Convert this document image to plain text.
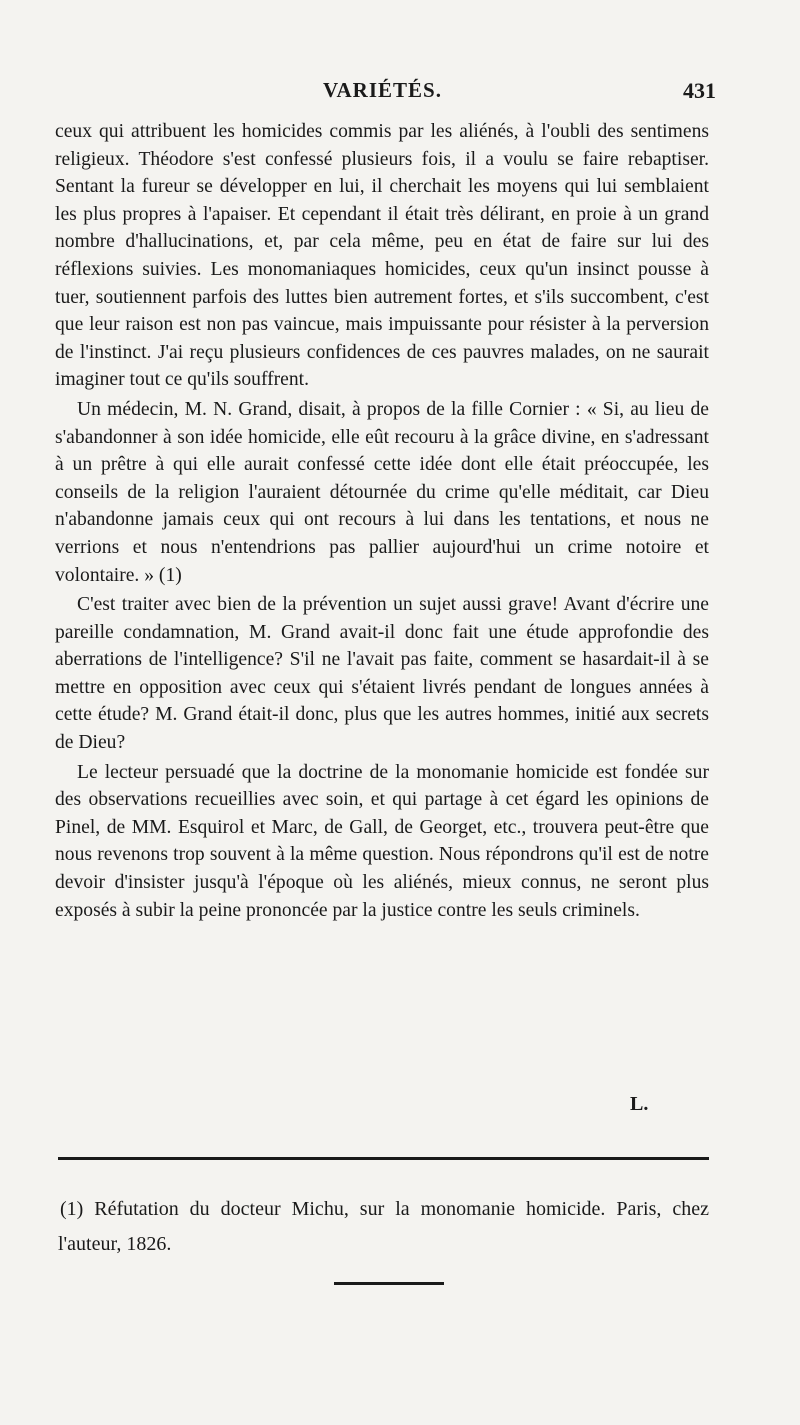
VARIÉTÉS.	431

ceux qui attribuent les homicides commis par les aliénés, à l'oubli des sentimens religieux. Théodore s'est confessé plusieurs fois, il a voulu se faire rebaptiser. Sentant la fureur se développer en lui, il cherchait les moyens qui lui semblaient les plus propres à l'apaiser. Et cependant il était très délirant, en proie à un grand nombre d'hallucinations, et, par cela même, peu en état de faire sur lui des réflexions suivies. Les monomaniaques homicides, ceux qu'un insinct pousse à tuer, soutiennent parfois des luttes bien autrement fortes, et s'ils succombent, c'est que leur raison est non pas vaincue, mais impuissante pour résister à la perversion de l'instinct. J'ai reçu plusieurs confidences de ces pauvres malades, on ne saurait imaginer tout ce qu'ils souffrent.

Un médecin, M. N. Grand, disait, à propos de la fille Cornier : « Si, au lieu de s'abandonner à son idée homicide, elle eût recouru à la grâce divine, en s'adressant à un prêtre à qui elle aurait confessé cette idée dont elle était préoccupée, les conseils de la religion l'auraient détournée du crime qu'elle méditait, car Dieu n'abandonne jamais ceux qui ont recours à lui dans les tentations, et nous ne verrions et nous n'entendrions pas pallier aujourd'hui un crime notoire et volontaire. » (1)

C'est traiter avec bien de la prévention un sujet aussi grave! Avant d'écrire une pareille condamnation, M. Grand avait-il donc fait une étude approfondie des aberrations de l'intelligence? S'il ne l'avait pas faite, comment se hasardait-il à se mettre en opposition avec ceux qui s'étaient livrés pendant de longues années à cette étude? M. Grand était-il donc, plus que les autres hommes, initié aux secrets de Dieu?

Le lecteur persuadé que la doctrine de la monomanie homicide est fondée sur des observations recueillies avec soin, et qui partage à cet égard les opinions de Pinel, de MM. Esquirol et Marc, de Gall, de Georget, etc., trouvera peut-être que nous revenons trop souvent à la même question. Nous répondrons qu'il est de notre devoir d'insister jusqu'à l'époque où les aliénés, mieux connus, ne seront plus exposés à subir la peine prononcée par la justice contre les seuls criminels.

L.

(1) Réfutation du docteur Michu, sur la monomanie homicide. Paris, chez l'auteur, 1826.
